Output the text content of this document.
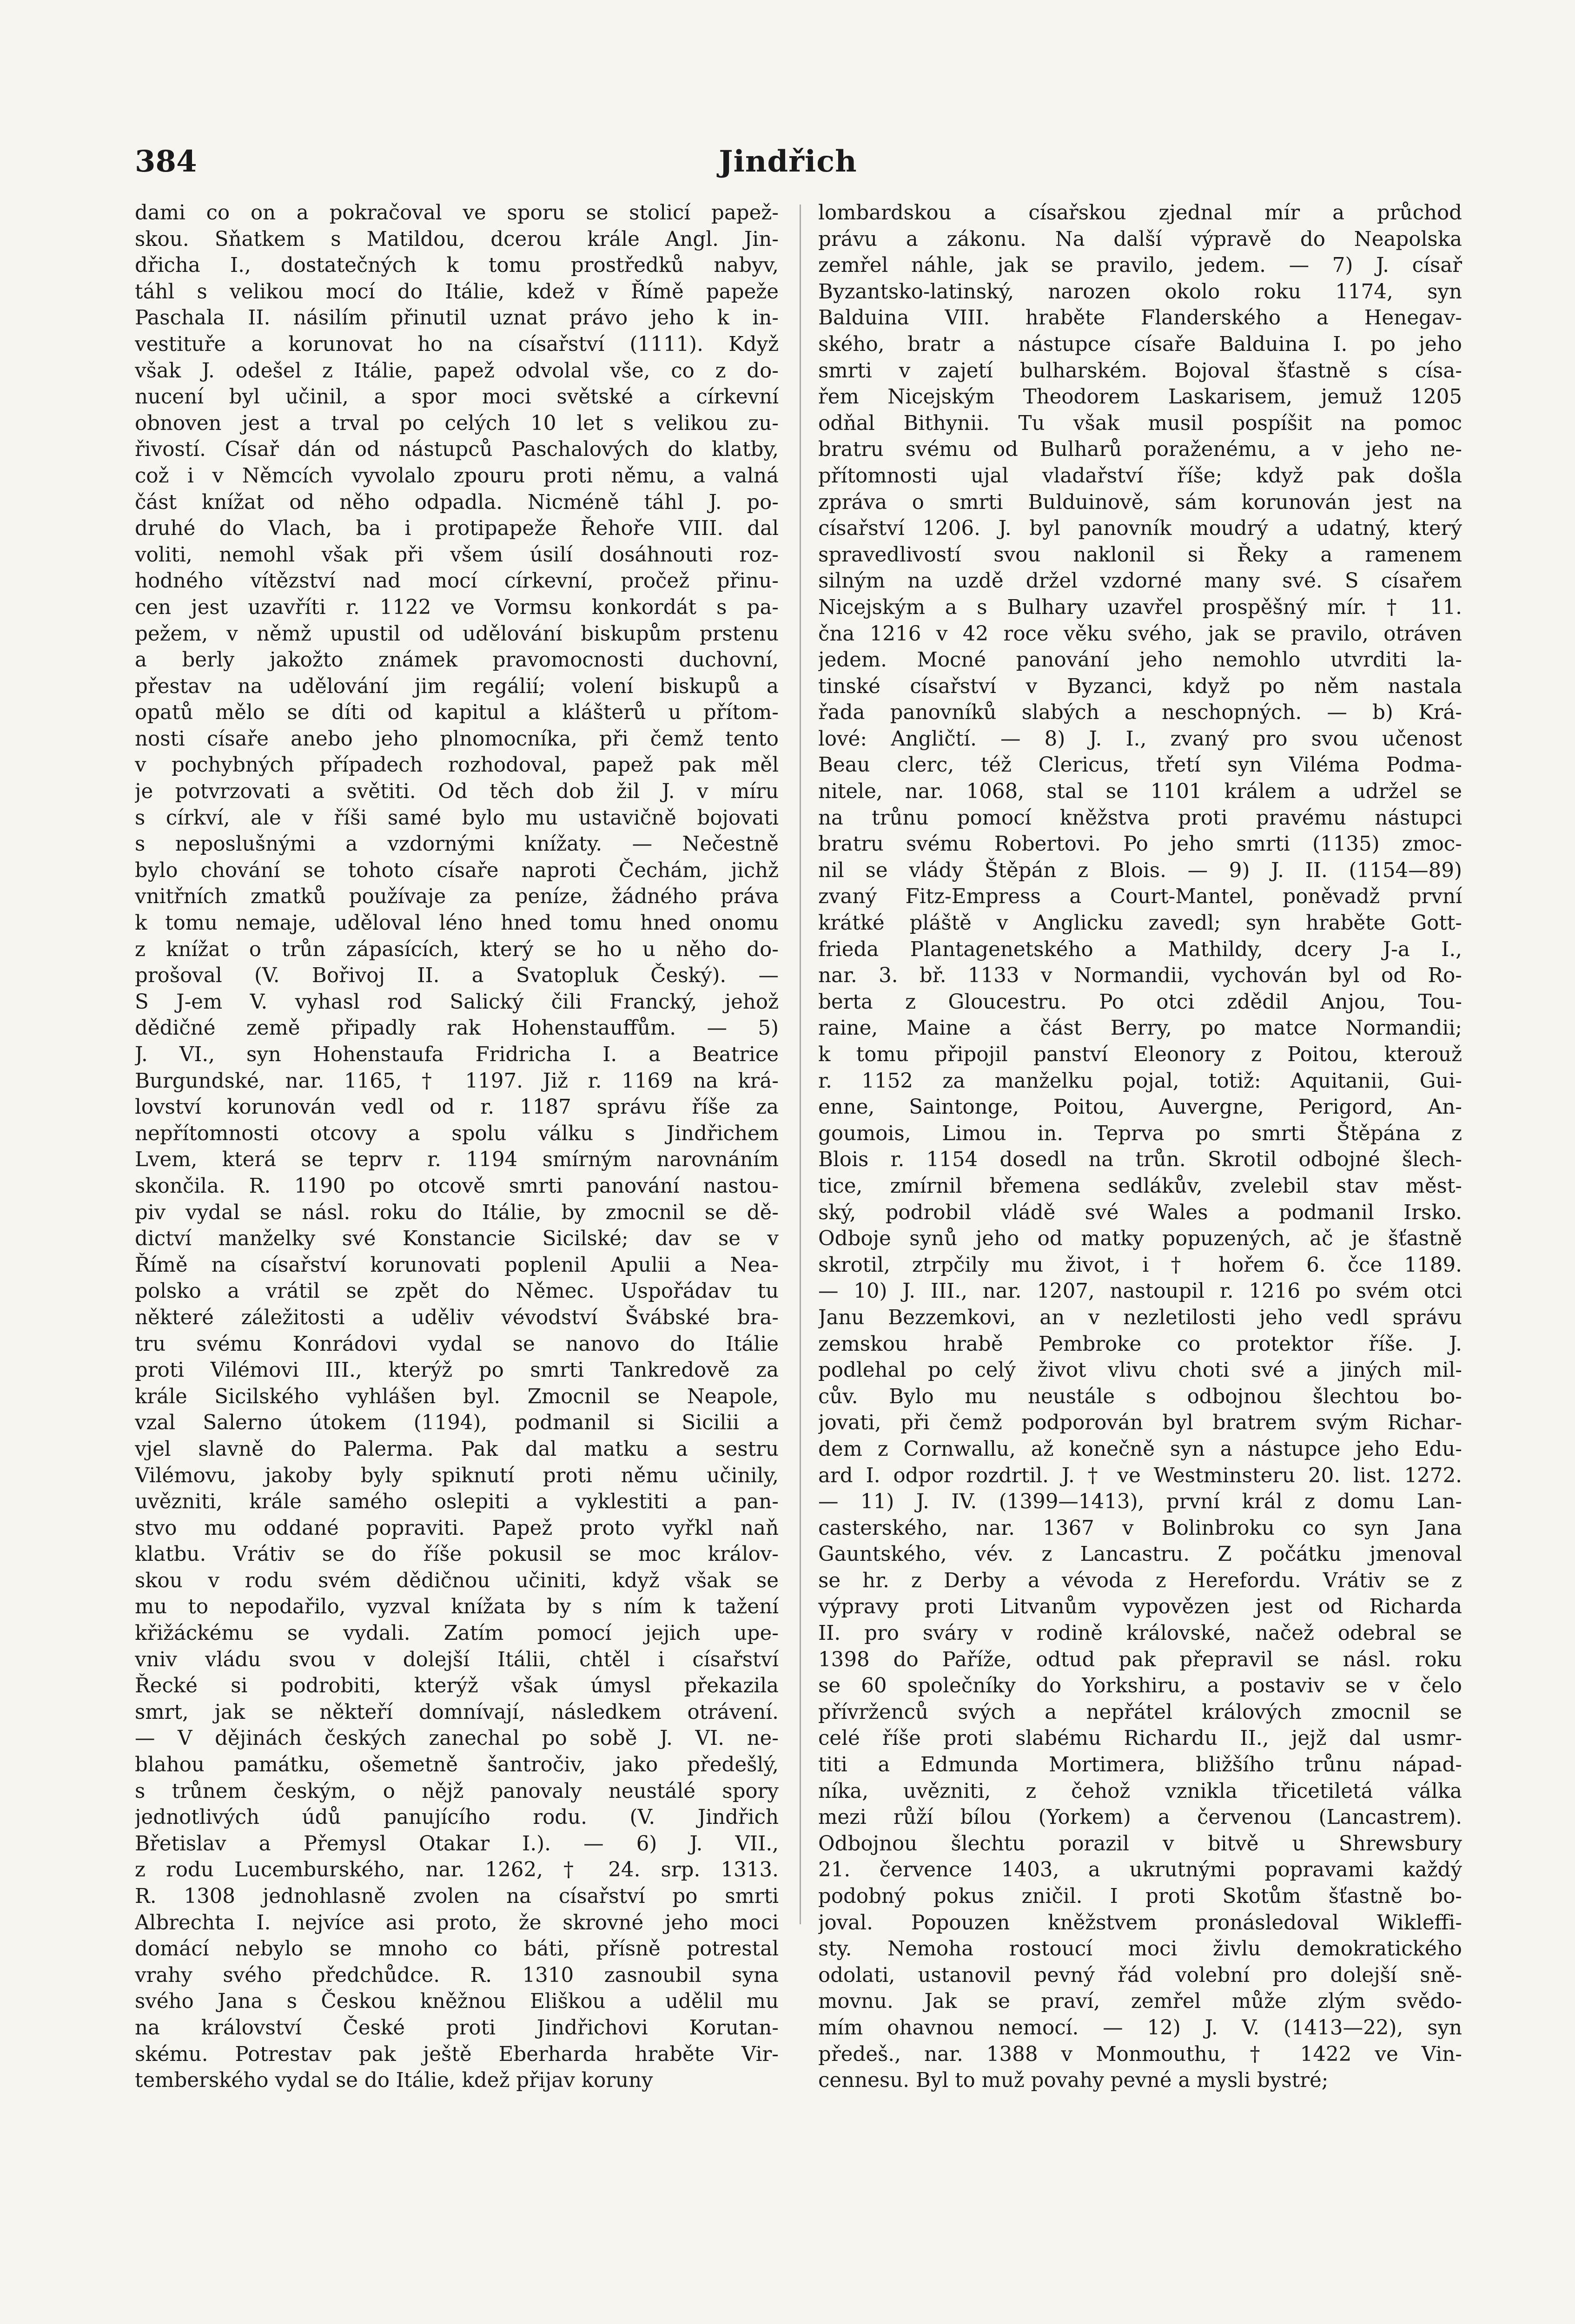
384	Jindřich
dami co on a pokračoval ve sporu se stolicí papež-
skou. Sňatkem s Matildou, dcerou krále Angl. Jin-
dřicha I., dostatečných k tomu prostředků nabyv,
táhl s velikou mocí do Itálie, kdež v Římě papeže
Paschala II. násilím přinutil uznat právo jeho k in-
vestituře a korunovat ho na císařství (1111). Když
však J. odešel z Itálie, papež odvolal vše, co z do-
nucení byl učinil, a spor moci světské a církevní
obnoven jest a trval po celých 10 let s velikou zu-
řivostí. Císař dán od nástupců Paschalových do klatby,
což i v Němcích vyvolalo zpouru proti němu, a valná
část knížat od něho odpadla. Nicméně táhl J. po-
druhé do Vlach, ba i protipapeže Řehoře VIII. dal
voliti, nemohl však při všem úsilí dosáhnouti roz-
hodného vítězství nad mocí církevní, pročež přinu-
cen jest uzavříti r. 1122 ve Vormsu konkordát s pa-
pežem, v němž upustil od udělování biskupům prstenu
a berly jakožto známek pravomocnosti duchovní,
přestav na udělování jim regálií; volení biskupů a
opatů mělo se díti od kapitul a klášterů u přítom-
nosti císaře anebo jeho plnomocníka, při čemž tento
v pochybných případech rozhodoval, papež pak měl
je potvrzovati a světiti. Od těch dob žil J. v míru
s církví, ale v říši samé bylo mu ustavičně bojovati
s neposlušnými a vzdornými knížaty. — Nečestně
bylo chování se tohoto císaře naproti Čechám, jichž
vnitřních zmatků používaje za peníze, žádného práva
k tomu nemaje, uděloval léno hned tomu hned onomu
z knížat o trůn zápasících, který se ho u něho do-
prošoval (V. Bořivoj II. a Svatopluk Český). —
S J-em V. vyhasl rod Salický čili Francký, jehož
dědičné země připadly rak Hohenstauffům. — 5)
J. VI., syn Hohenstaufa Fridricha I. a Beatrice
Burgundské, nar. 1165, † 1197. Již r. 1169 na krá-
lovství korunován vedl od r. 1187 správu říše za
nepřítomnosti otcovy a spolu válku s Jindřichem
Lvem, která se teprv r. 1194 smírným narovnáním
skončila. R. 1190 po otcově smrti panování nastou-
piv vydal se násl. roku do Itálie, by zmocnil se dě-
dictví manželky své Konstancie Sicilské; dav se v
Římě na císařství korunovati poplenil Apulii a Nea-
polsko a vrátil se zpět do Němec. Uspořádav tu
některé záležitosti a uděliv vévodství Švábské bra-
tru svému Konrádovi vydal se nanovo do Itálie
proti Vilémovi III., kterýž po smrti Tankredově za
krále Sicilského vyhlášen byl. Zmocnil se Neapole,
vzal Salerno útokem (1194), podmanil si Sicilii a
vjel slavně do Palerma. Pak dal matku a sestru
Vilémovu, jakoby byly spiknutí proti němu učinily,
uvězniti, krále samého oslepiti a vyklestiti a pan-
stvo mu oddané popraviti. Papež proto vyřkl naň
klatbu. Vrátiv se do říše pokusil se moc králov-
skou v rodu svém dědičnou učiniti, když však se
mu to nepodařilo, vyzval knížata by s ním k tažení
křižáckému se vydali. Zatím pomocí jejich upe-
vniv vládu svou v dolejší Itálii, chtěl i císařství
Řecké si podrobiti, kterýž však úmysl překazila
smrt, jak se někteří domnívají, následkem otrávení.
— V dějinách českých zanechal po sobě J. VI. ne-
blahou památku, ošemetně šantročiv, jako předešlý,
s trůnem českým, o nějž panovaly neustálé spory
jednotlivých údů panujícího rodu. (V. Jindřich
Břetislav a Přemysl Otakar I.). — 6) J. VII.,
z rodu Lucemburského, nar. 1262, † 24. srp. 1313.
R. 1308 jednohlasně zvolen na císařství po smrti
Albrechta I. nejvíce asi proto, že skrovné jeho moci
domácí nebylo se mnoho co báti, přísně potrestal
vrahy svého předchůdce. R. 1310 zasnoubil syna
svého Jana s Českou kněžnou Eliškou a udělil mu
na království České proti Jindřichovi Korutan-
skému. Potrestav pak ještě Eberharda hraběte Vir-
temberského vydal se do Itálie, kdež přijav koruny
lombardskou a císařskou zjednal mír a průchod
právu a zákonu. Na další výpravě do Neapolska
zemřel náhle, jak se pravilo, jedem. — 7) J. císař
Byzantsko-latinský, narozen okolo roku 1174, syn
Balduina VIII. hraběte Flanderského a Henegav-
ského, bratr a nástupce císaře Balduina I. po jeho
smrti v zajetí bulharském. Bojoval šťastně s císa-
řem Nicejským Theodorem Laskarisem, jemuž 1205
odňal Bithynii. Tu však musil pospíšit na pomoc
bratru svému od Bulharů poraženému, a v jeho ne-
přítomnosti ujal vladařství říše; když pak došla
zpráva o smrti Bulduinově, sám korunován jest na
císařství 1206. J. byl panovník moudrý a udatný, který
spravedlivostí svou naklonil si Řeky a ramenem
silným na uzdě držel vzdorné many své. S císařem
Nicejským a s Bulhary uzavřel prospěšný mír. † 11.
čna 1216 v 42 roce věku svého, jak se pravilo, otráven
jedem. Mocné panování jeho nemohlo utvrditi la-
tinské císařství v Byzanci, když po něm nastala
řada panovníků slabých a neschopných. — b) Krá-
lové: Angličtí. — 8) J. I., zvaný pro svou učenost
Beau clerc, též Clericus, třetí syn Viléma Podma-
nitele, nar. 1068, stal se 1101 králem a udržel se
na trůnu pomocí kněžstva proti pravému nástupci
bratru svému Robertovi. Po jeho smrti (1135) zmoc-
nil se vlády Štěpán z Blois. — 9) J. II. (1154—89)
zvaný Fitz-Empress a Court-Mantel, poněvadž první
krátké pláště v Anglicku zavedl; syn hraběte Gott-
frieda Plantagenetského a Mathildy, dcery J-a I.,
nar. 3. bř. 1133 v Normandii, vychován byl od Ro-
berta z Gloucestru. Po otci zdědil Anjou, Tou-
raine, Maine a část Berry, po matce Normandii;
k tomu připojil panství Eleonory z Poitou, kterouž
r. 1152 za manželku pojal, totiž: Aquitanii, Gui-
enne, Saintonge, Poitou, Auvergne, Perigord, An-
goumois, Limou in. Teprva po smrti Štěpána z
Blois r. 1154 dosedl na trůn. Skrotil odbojné šlech-
tice, zmírnil břemena sedlákův, zvelebil stav měst-
ský, podrobil vládě své Wales a podmanil Irsko.
Odboje synů jeho od matky popuzených, ač je šťastně
skrotil, ztrpčily mu život, i † hořem 6. čce 1189.
— 10) J. III., nar. 1207, nastoupil r. 1216 po svém otci
Janu Bezzemkovi, an v nezletilosti jeho vedl správu
zemskou hrabě Pembroke co protektor říše. J.
podlehal po celý život vlivu choti své a jiných mil-
cův. Bylo mu neustále s odbojnou šlechtou bo-
jovati, při čemž podporován byl bratrem svým Richar-
dem z Cornwallu, až konečně syn a nástupce jeho Edu-
ard I. odpor rozdrtil. J. † ve Westminsteru 20. list. 1272.
— 11) J. IV. (1399—1413), první král z domu Lan-
casterského, nar. 1367 v Bolinbroku co syn Jana
Gauntského, vév. z Lancastru. Z počátku jmenoval
se hr. z Derby a vévoda z Herefordu. Vrátiv se z
výpravy proti Litvanům vypovězen jest od Richarda
II. pro sváry v rodině královské, načež odebral se
1398 do Paříže, odtud pak přepravil se násl. roku
se 60 společníky do Yorkshiru, a postaviv se v čelo
přívrženců svých a nepřátel králových zmocnil se
celé říše proti slabému Richardu II., jejž dal usmr-
titi a Edmunda Mortimera, bližšího trůnu nápad-
níka, uvězniti, z čehož vznikla třicetiletá válka
mezi růží bílou (Yorkem) a červenou (Lancastrem).
Odbojnou šlechtu porazil v bitvě u Shrewsbury
21. července 1403, a ukrutnými popravami každý
podobný pokus zničil. I proti Skotům šťastně bo-
joval. Popouzen kněžstvem pronásledoval Wikleffi-
sty. Nemoha rostoucí moci živlu demokratického
odolati, ustanovil pevný řád volební pro dolejší sně-
movnu. Jak se praví, zemřel může zlým svědo-
mím ohavnou nemocí. — 12) J. V. (1413—22), syn
předeš., nar. 1388 v Monmouthu, † 1422 ve Vin-
cennesu. Byl to muž povahy pevné a mysli bystré;
